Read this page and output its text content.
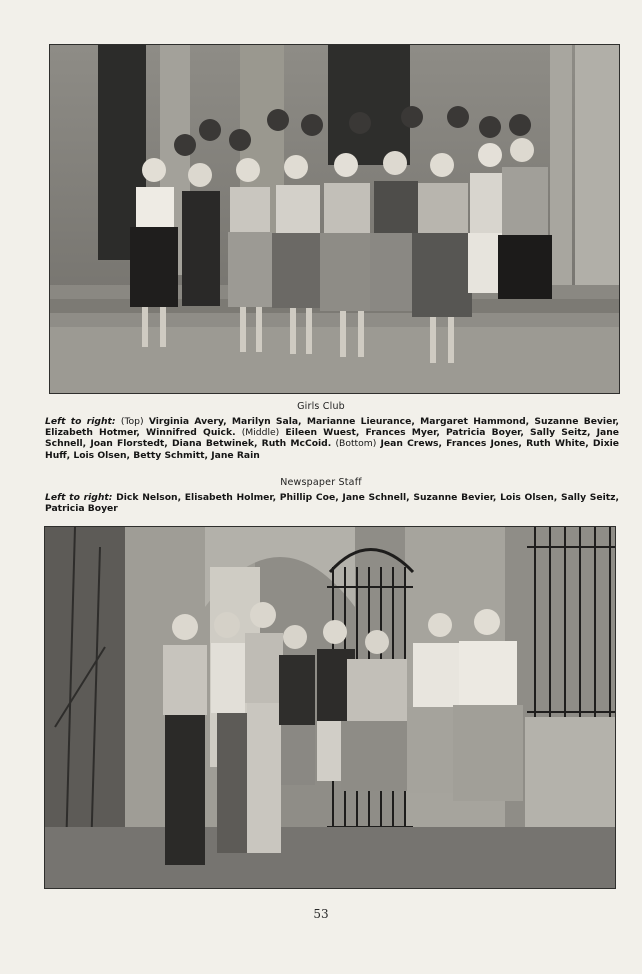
Girls Club
Left to right: (Top) Virginia Avery, Marilyn Sala, Marianne Lieurance, Margaret Hammond, Suzanne Bevier, Elizabeth Hotmer, Winnifred Quick. (Middle) Eileen Wuest, Frances Myer, Patricia Boyer, Sally Seitz, Jane Schnell, Joan Florstedt, Diana Betwinek, Ruth McCoid. (Bottom) Jean Crews, Frances Jones, Ruth White, Dixie Huff, Lois Olsen, Betty Schmitt, Jane Rain
Newspaper Staff
Left to right: Dick Nelson, Elisabeth Holmer, Phillip Coe, Jane Schnell, Suzanne Bevier, Lois Olsen, Sally Seitz, Patricia Boyer
53
